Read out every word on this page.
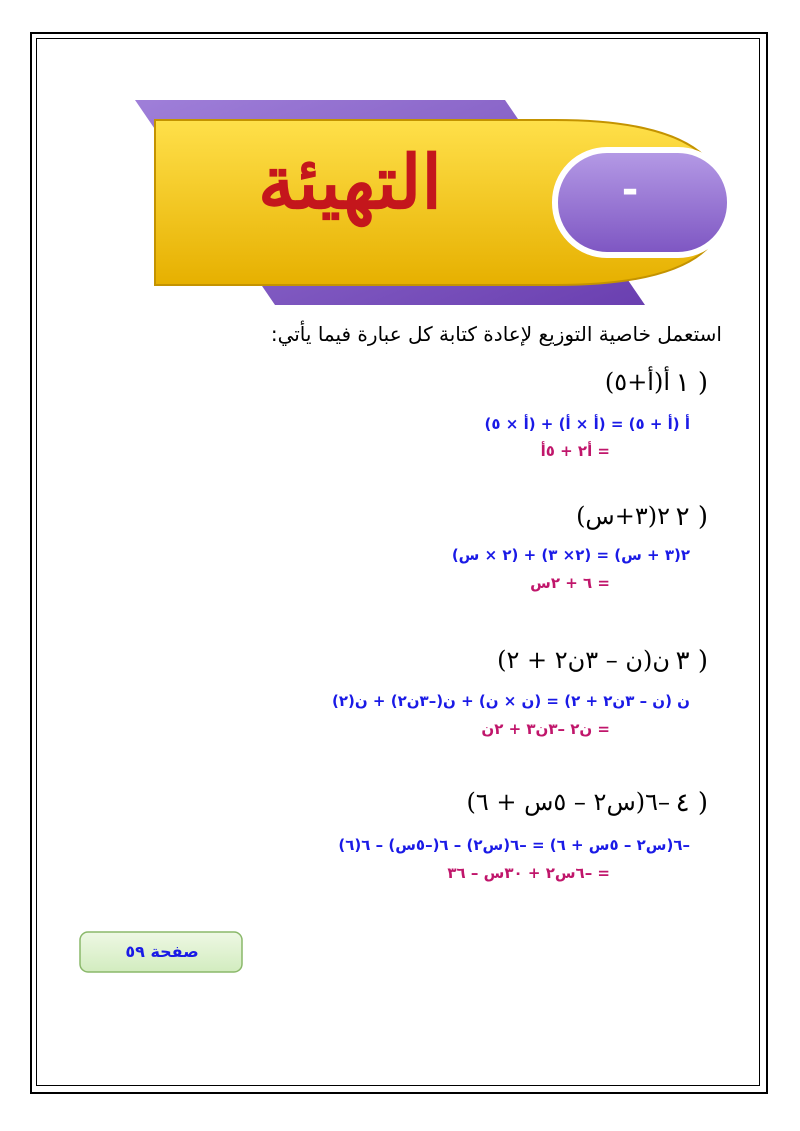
التهيئة	-
استعمل خاصية التوزيع لإعادة كتابة كل عبارة فيما يأتي:
١ )
أ(أ+٥)
أ (أ + ٥) = (أ × أ) + (أ × ٥)
= أ٢ + ٥أ
٢ )
٢(٣+س)
٢(٣ + س) = (٢× ٣) + (٢ × س)
= ٦ + ٢س
٣ )
ن(ن – ٣ن٢ + ٢)
ن (ن – ٣ن٢ + ٢) = (ن × ن) + ن(–٣ن٢) + ن(٢)
= ن٢ –٣ن٣ + ٢ن
٤ )
–٦(س٢ – ٥س + ٦)
–٦(س٢ – ٥س + ٦) = –٦(س٢) – ٦(–٥س) – ٦(٦)
= –٦س٢ + ٣٠س – ٣٦
صفحة ٥٩
